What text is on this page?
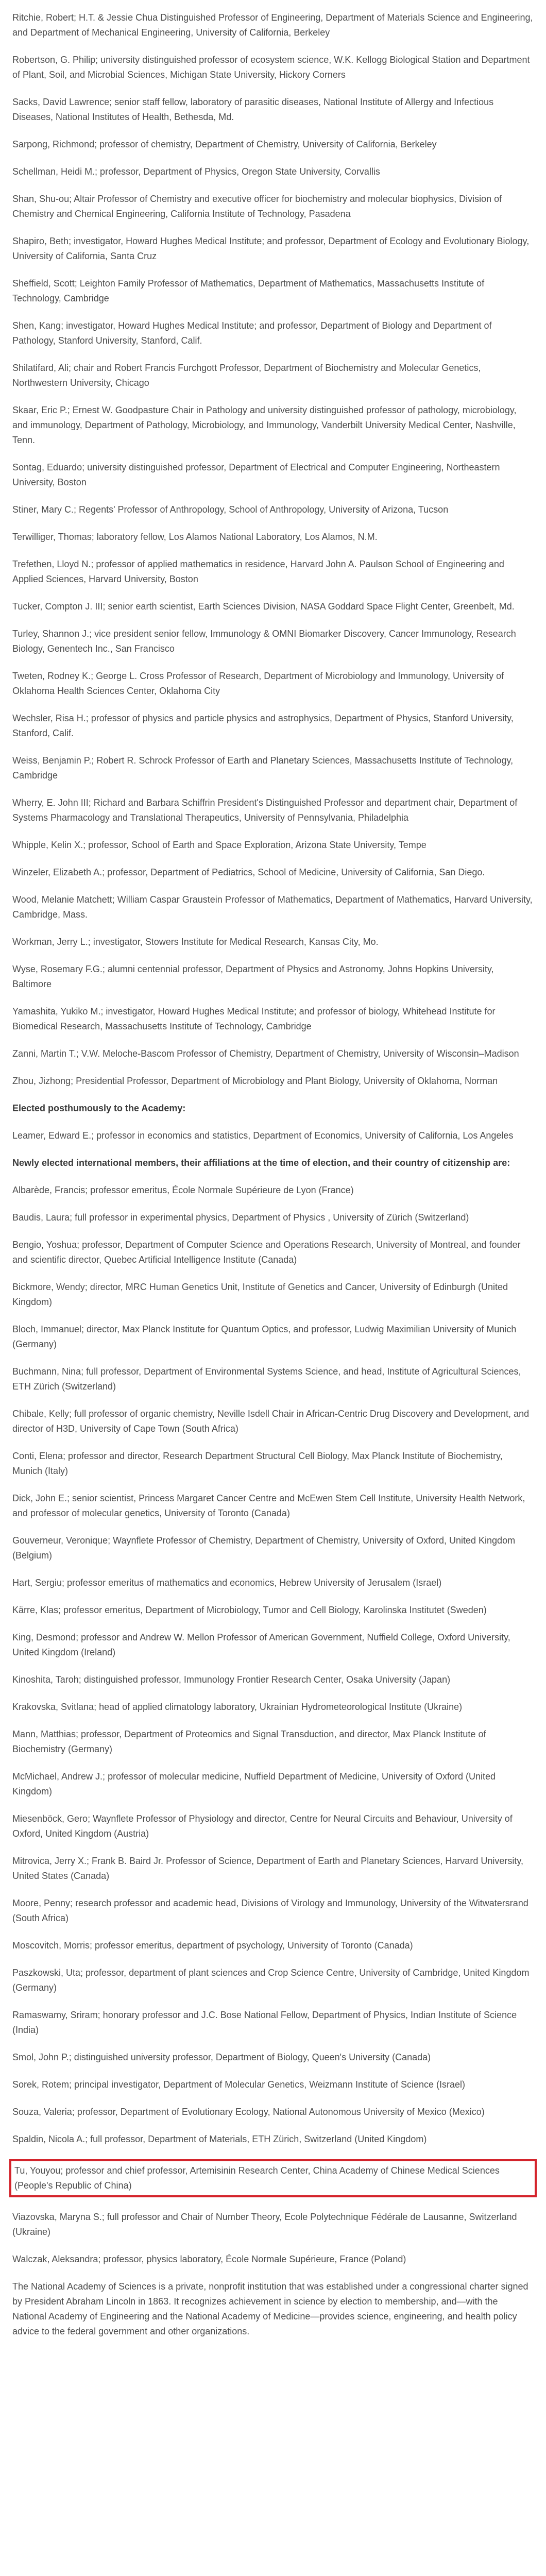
Ritchie, Robert; H.T. & Jessie Chua Distinguished Professor of Engineering, Department of Materials Science and Engineering, and Department of Mechanical Engineering, University of California, Berkeley

Robertson, G. Philip; university distinguished professor of ecosystem science, W.K. Kellogg Biological Station and Department of Plant, Soil, and Microbial Sciences, Michigan State University, Hickory Corners

Sacks, David Lawrence; senior staff fellow, laboratory of parasitic diseases, National Institute of Allergy and Infectious Diseases, National Institutes of Health, Bethesda, Md.

Sarpong, Richmond; professor of chemistry, Department of Chemistry, University of California, Berkeley

Schellman, Heidi M.; professor, Department of Physics, Oregon State University, Corvallis

Shan, Shu-ou; Altair Professor of Chemistry and executive officer for biochemistry and molecular biophysics, Division of Chemistry and Chemical Engineering, California Institute of Technology, Pasadena

Shapiro, Beth; investigator, Howard Hughes Medical Institute; and professor, Department of Ecology and Evolutionary Biology, University of California, Santa Cruz

Sheffield, Scott; Leighton Family Professor of Mathematics, Department of Mathematics, Massachusetts Institute of Technology, Cambridge

Shen, Kang; investigator, Howard Hughes Medical Institute; and professor, Department of Biology and Department of Pathology, Stanford University, Stanford, Calif.

Shilatifard, Ali; chair and Robert Francis Furchgott Professor, Department of Biochemistry and Molecular Genetics, Northwestern University, Chicago

Skaar, Eric P.; Ernest W. Goodpasture Chair in Pathology and university distinguished professor of pathology, microbiology, and immunology, Department of Pathology, Microbiology, and Immunology, Vanderbilt University Medical Center, Nashville, Tenn.

Sontag, Eduardo; university distinguished professor, Department of Electrical and Computer Engineering, Northeastern University, Boston

Stiner, Mary C.; Regents' Professor of Anthropology, School of Anthropology, University of Arizona, Tucson

Terwilliger, Thomas; laboratory fellow, Los Alamos National Laboratory, Los Alamos, N.M.

Trefethen, Lloyd N.; professor of applied mathematics in residence, Harvard John A. Paulson School of Engineering and Applied Sciences, Harvard University, Boston

Tucker, Compton J. III; senior earth scientist, Earth Sciences Division, NASA Goddard Space Flight Center, Greenbelt, Md.

Turley, Shannon J.; vice president senior fellow, Immunology & OMNI Biomarker Discovery, Cancer Immunology, Research Biology, Genentech Inc., San Francisco

Tweten, Rodney K.; George L. Cross Professor of Research, Department of Microbiology and Immunology, University of Oklahoma Health Sciences Center, Oklahoma City

Wechsler, Risa H.; professor of physics and particle physics and astrophysics, Department of Physics, Stanford University, Stanford, Calif.

Weiss, Benjamin P.; Robert R. Schrock Professor of Earth and Planetary Sciences, Massachusetts Institute of Technology, Cambridge

Wherry, E. John III; Richard and Barbara Schiffrin President's Distinguished Professor and department chair, Department of Systems Pharmacology and Translational Therapeutics, University of Pennsylvania, Philadelphia

Whipple, Kelin X.; professor, School of Earth and Space Exploration, Arizona State University, Tempe

Winzeler, Elizabeth A.; professor, Department of Pediatrics, School of Medicine, University of California, San Diego.

Wood, Melanie Matchett; William Caspar Graustein Professor of Mathematics, Department of Mathematics, Harvard University, Cambridge, Mass.

Workman, Jerry L.; investigator, Stowers Institute for Medical Research, Kansas City, Mo.

Wyse, Rosemary F.G.; alumni centennial professor, Department of Physics and Astronomy, Johns Hopkins University, Baltimore

Yamashita, Yukiko M.; investigator, Howard Hughes Medical Institute; and professor of biology, Whitehead Institute for Biomedical Research, Massachusetts Institute of Technology, Cambridge

Zanni, Martin T.; V.W. Meloche-Bascom Professor of Chemistry, Department of Chemistry, University of Wisconsin–Madison

Zhou, Jizhong; Presidential Professor, Department of Microbiology and Plant Biology, University of Oklahoma, Norman

Elected posthumously to the Academy:

Leamer, Edward E.; professor in economics and statistics, Department of Economics, University of California, Los Angeles

Newly elected international members, their affiliations at the time of election, and their country of citizenship are:

Albarède, Francis; professor emeritus, École Normale Supérieure de Lyon (France)

Baudis, Laura; full professor in experimental physics, Department of Physics , University of Zürich (Switzerland)

Bengio, Yoshua; professor, Department of Computer Science and Operations Research, University of Montreal, and founder and scientific director, Quebec Artificial Intelligence Institute (Canada)

Bickmore, Wendy; director, MRC Human Genetics Unit, Institute of Genetics and Cancer, University of Edinburgh (United Kingdom)

Bloch, Immanuel; director, Max Planck Institute for Quantum Optics, and professor, Ludwig Maximilian University of Munich (Germany)

Buchmann, Nina; full professor, Department of Environmental Systems Science, and head, Institute of Agricultural Sciences, ETH Zürich (Switzerland)

Chibale, Kelly; full professor of organic chemistry, Neville Isdell Chair in African-Centric Drug Discovery and Development, and director of H3D, University of Cape Town (South Africa)

Conti, Elena; professor and director, Research Department Structural Cell Biology, Max Planck Institute of Biochemistry, Munich (Italy)

Dick, John E.; senior scientist, Princess Margaret Cancer Centre and McEwen Stem Cell Institute, University Health Network, and professor of molecular genetics, University of Toronto (Canada)

Gouverneur, Veronique; Waynflete Professor of Chemistry, Department of Chemistry, University of Oxford, United Kingdom (Belgium)

Hart, Sergiu; professor emeritus of mathematics and economics, Hebrew University of Jerusalem (Israel)

Kärre, Klas; professor emeritus, Department of Microbiology, Tumor and Cell Biology, Karolinska Institutet (Sweden)

King, Desmond; professor and Andrew W. Mellon Professor of American Government, Nuffield College, Oxford University, United Kingdom (Ireland)

Kinoshita, Taroh; distinguished professor, Immunology Frontier Research Center, Osaka University (Japan)

Krakovska, Svitlana; head of applied climatology laboratory, Ukrainian Hydrometeorological Institute (Ukraine)

Mann, Matthias; professor, Department of Proteomics and Signal Transduction, and director, Max Planck Institute of Biochemistry (Germany)

McMichael, Andrew J.; professor of molecular medicine, Nuffield Department of Medicine, University of Oxford (United Kingdom)

Miesenböck, Gero; Waynflete Professor of Physiology and director, Centre for Neural Circuits and Behaviour, University of Oxford, United Kingdom (Austria)

Mitrovica, Jerry X.; Frank B. Baird Jr. Professor of Science, Department of Earth and Planetary Sciences, Harvard University, United States (Canada)

Moore, Penny; research professor and academic head, Divisions of Virology and Immunology, University of the Witwatersrand (South Africa)

Moscovitch, Morris; professor emeritus, department of psychology, University of Toronto (Canada)

Paszkowski, Uta; professor, department of plant sciences and Crop Science Centre, University of Cambridge, United Kingdom (Germany)

Ramaswamy, Sriram; honorary professor and J.C. Bose National Fellow, Department of Physics, Indian Institute of Science (India)

Smol, John P.; distinguished university professor, Department of Biology, Queen's University (Canada)

Sorek, Rotem; principal investigator, Department of Molecular Genetics, Weizmann Institute of Science (Israel)

Souza, Valeria; professor, Department of Evolutionary Ecology, National Autonomous University of Mexico (Mexico)

Spaldin, Nicola A.; full professor, Department of Materials, ETH Zürich, Switzerland (United Kingdom)

Tu, Youyou; professor and chief professor, Artemisinin Research Center, China Academy of Chinese Medical Sciences (People's Republic of China)

Viazovska, Maryna S.; full professor and Chair of Number Theory, Ecole Polytechnique Fédérale de Lausanne, Switzerland (Ukraine)

Walczak, Aleksandra; professor, physics laboratory, École Normale Supérieure, France (Poland)

The National Academy of Sciences is a private, nonprofit institution that was established under a congressional charter signed by President Abraham Lincoln in 1863. It recognizes achievement in science by election to membership, and—with the National Academy of Engineering and the National Academy of Medicine—provides science, engineering, and health policy advice to the federal government and other organizations.
